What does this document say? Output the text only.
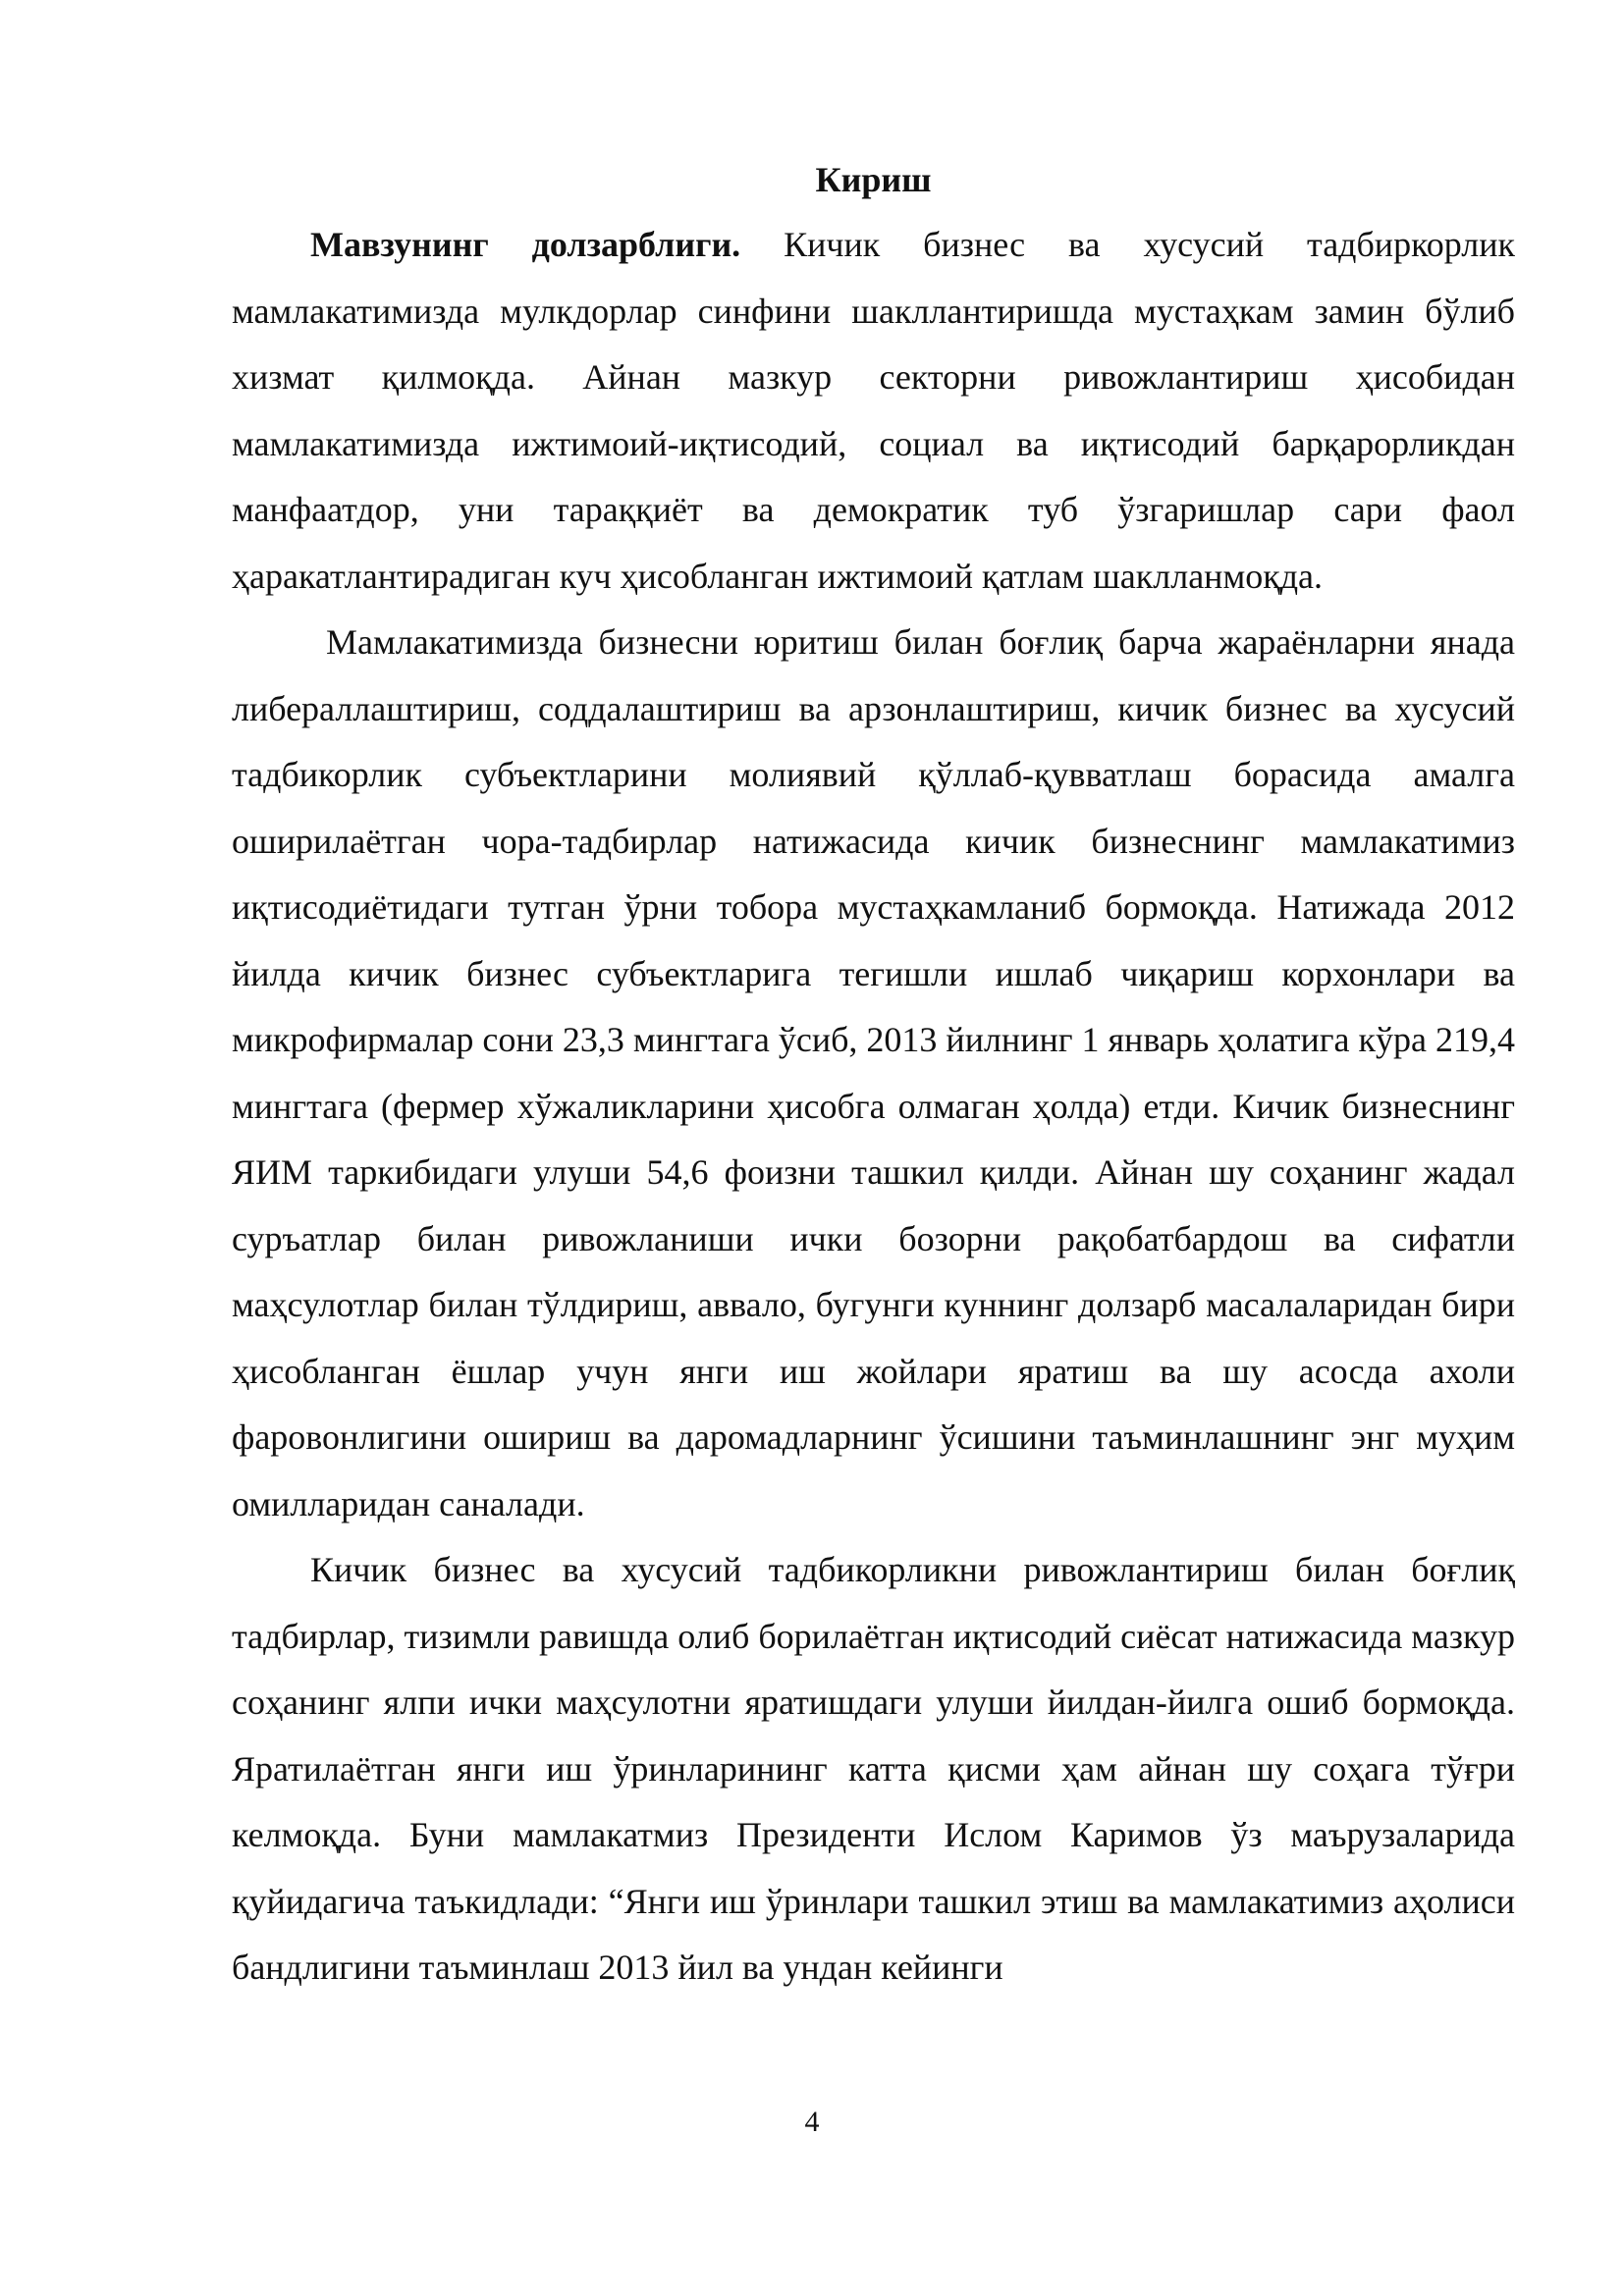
Кириш

Мавзунинг долзарблиги. Кичик бизнес ва хусусий тадбиркорлик мамлакатимизда мулкдорлар синфини шакллантиришда мустаҳкам замин бўлиб хизмат қилмоқда. Айнан мазкур секторни ривожлантириш ҳисобидан мамлакатимизда ижтимоий-иқтисодий, социал ва иқтисодий барқарорликдан манфаатдор, уни тараққиёт ва демократик туб ўзгаришлар сари фаол ҳаракатлантирадиган куч ҳисобланган ижтимоий қатлам шаклланмоқда.

Мамлакатимизда бизнесни юритиш билан боғлиқ барча жараёнларни янада либераллаштириш, соддалаштириш ва арзонлаштириш, кичик бизнес ва хусусий тадбикорлик субъектларини молиявий қўллаб-қувватлаш борасида амалга оширилаётган чора-тадбирлар натижасида кичик бизнеснинг мамлакатимиз иқтисодиётидаги тутган ўрни тобора мустаҳкамланиб бормоқда. Натижада 2012 йилда кичик бизнес субъектларига тегишли ишлаб чиқариш корхонлари ва микрофирмалар сони 23,3 мингтага ўсиб, 2013 йилнинг 1 январь ҳолатига кўра 219,4 мингтага (фермер хўжаликларини ҳисобга олмаган ҳолда) етди. Кичик бизнеснинг ЯИМ таркибидаги улуши 54,6 фоизни ташкил қилди. Айнан шу соҳанинг жадал суръатлар билан ривожланиши ички бозорни рақобатбардош ва сифатли маҳсулотлар билан тўлдириш, аввало, бугунги куннинг долзарб масалаларидан бири ҳисобланган ёшлар учун янги иш жойлари яратиш ва шу асосда ахоли фаровонлигини ошириш ва даромадларнинг ўсишини таъминлашнинг энг муҳим омилларидан саналади.

Кичик бизнес ва хусусий тадбикорликни ривожлантириш билан боғлиқ тадбирлар, тизимли равишда олиб борилаётган иқтисодий сиёсат натижасида мазкур соҳанинг ялпи ички маҳсулотни яратишдаги улуши йилдан-йилга ошиб бормоқда. Яратилаётган янги иш ўринларининг катта қисми ҳам айнан шу соҳага тўғри келмоқда. Буни мамлакатмиз Президенти Ислом Каримов ўз маърузаларида қуйидагича таъкидлади: “Янги иш ўринлари ташкил этиш ва мамлакатимиз аҳолиси бандлигини таъминлаш 2013 йил ва ундан кейинги

4
